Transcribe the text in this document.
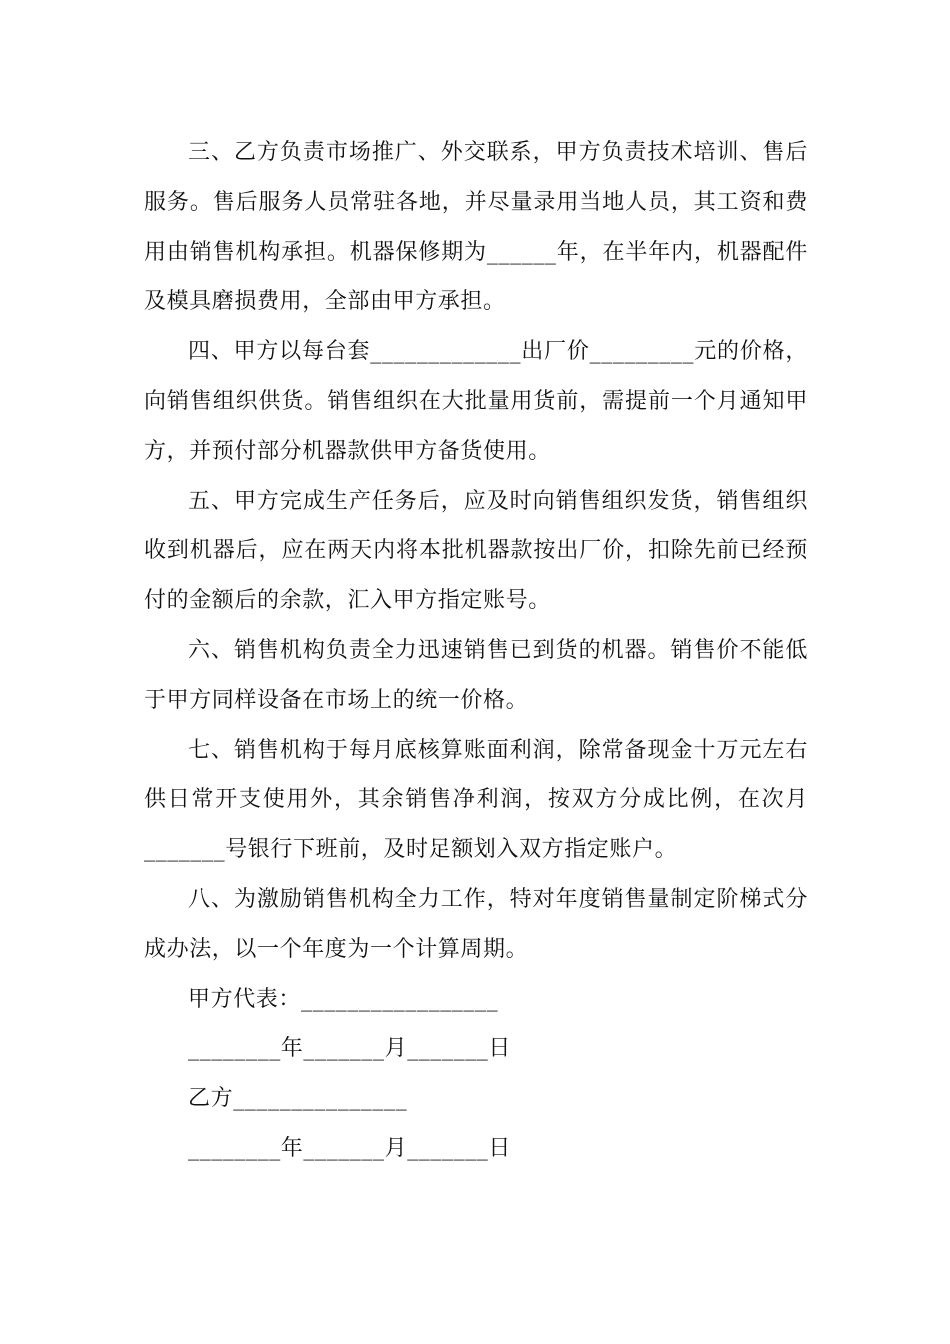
三、乙方负责市场推广、外交联系，甲方负责技术培训、售后服务。售后服务人员常驻各地，并尽量录用当地人员，其工资和费用由销售机构承担。机器保修期为______年，在半年内，机器配件及模具磨损费用，全部由甲方承担。

四、甲方以每台套_____________出厂价_________元的价格，向销售组织供货。销售组织在大批量用货前，需提前一个月通知甲方，并预付部分机器款供甲方备货使用。

五、甲方完成生产任务后，应及时向销售组织发货，销售组织收到机器后，应在两天内将本批机器款按出厂价，扣除先前已经预付的金额后的余款，汇入甲方指定账号。

六、销售机构负责全力迅速销售已到货的机器。销售价不能低于甲方同样设备在市场上的统一价格。

七、销售机构于每月底核算账面利润，除常备现金十万元左右供日常开支使用外，其余销售净利润，按双方分成比例，在次月_______号银行下班前，及时足额划入双方指定账户。

八、为激励销售机构全力工作，特对年度销售量制定阶梯式分成办法，以一个年度为一个计算周期。

甲方代表：_________________

________年_______月_______日

乙方_______________

________年_______月_______日
